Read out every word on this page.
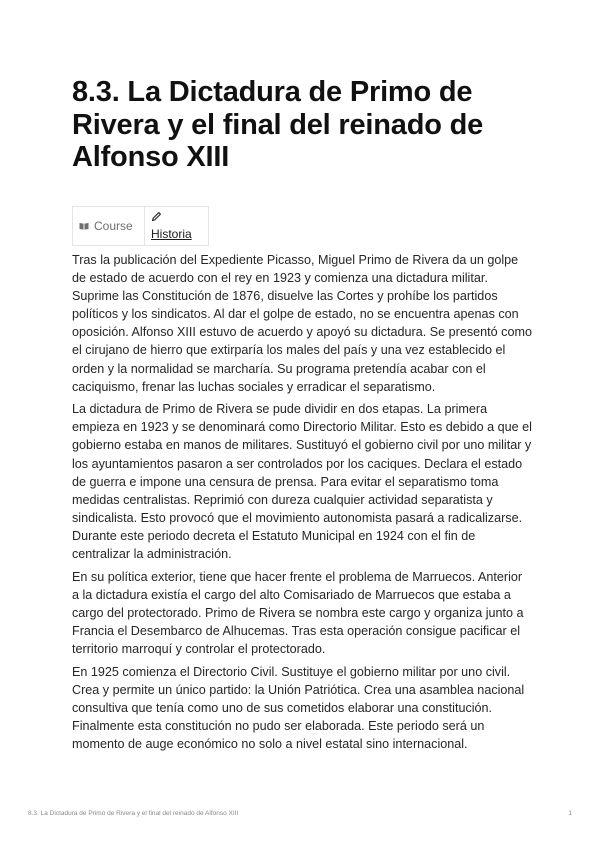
8.3. La Dictadura de Primo de Rivera y el final del reinado de Alfonso XIII
Course
Historia

Tras la publicación del Expediente Picasso, Miguel Primo de Rivera da un golpe de estado de acuerdo con el rey en 1923 y comienza una dictadura militar. Suprime las Constitución de 1876, disuelve las Cortes y prohíbe los partidos políticos y los sindicatos. Al dar el golpe de estado, no se encuentra apenas con oposición. Alfonso XIII estuvo de acuerdo y apoyó su dictadura. Se presentó como el cirujano de hierro que extirparía los males del país y una vez establecido el orden y la normalidad se marcharía. Su programa pretendía acabar con el caciquismo, frenar las luchas sociales y erradicar el separatismo.

La dictadura de Primo de Rivera se pude dividir en dos etapas. La primera empieza en 1923 y se denominará como Directorio Militar. Esto es debido a que el gobierno estaba en manos de militares. Sustituyó el gobierno civil por uno militar y los ayuntamientos pasaron a ser controlados por los caciques. Declara el estado de guerra e impone una censura de prensa. Para evitar el separatismo toma medidas centralistas. Reprimió con dureza cualquier actividad separatista y sindicalista. Esto provocó que el movimiento autonomista pasará a radicalizarse. Durante este periodo decreta el Estatuto Municipal en 1924 con el fin de centralizar la administración.

En su política exterior, tiene que hacer frente el problema de Marruecos. Anterior a la dictadura existía el cargo del alto Comisariado de Marruecos que estaba a cargo del protectorado. Primo de Rivera se nombra este cargo y organiza junto a Francia el Desembarco de Alhucemas. Tras esta operación consigue pacificar el territorio marroquí y controlar el protectorado.

En 1925 comienza el Directorio Civil. Sustituye el gobierno militar por uno civil. Crea y permite un único partido: la Unión Patriótica. Crea una asamblea nacional consultiva que tenía como uno de sus cometidos elaborar una constitución. Finalmente esta constitución no pudo ser elaborada. Este periodo será un momento de auge económico no solo a nivel estatal sino internacional.

8.3. La Dictadura de Primo de Rivera y el final del reinado de Alfonso XIII	1
